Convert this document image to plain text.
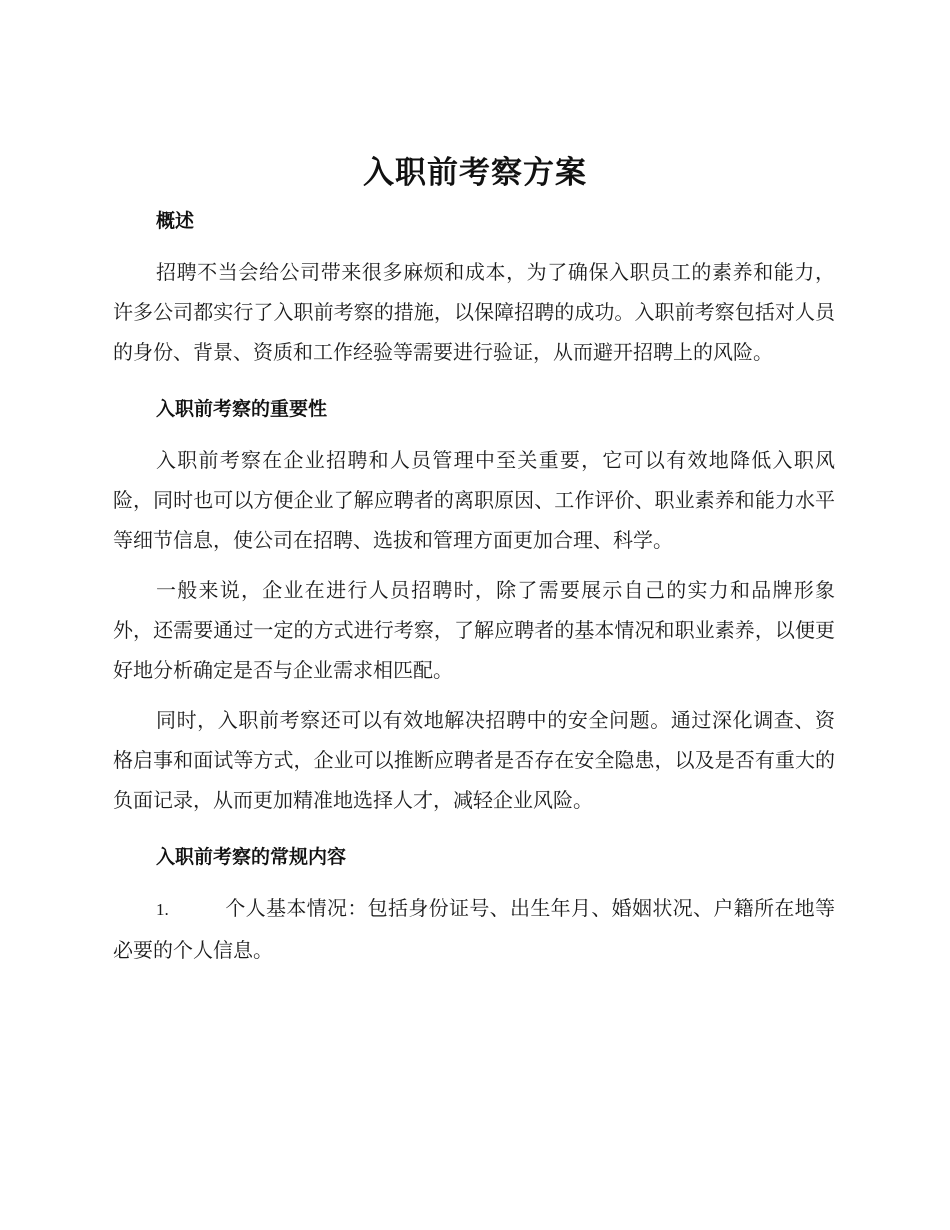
入职前考察方案
概述

招聘不当会给公司带来很多麻烦和成本，为了确保入职员工的素养和能力，许多公司都实行了入职前考察的措施，以保障招聘的成功。入职前考察包括对人员的身份、背景、资质和工作经验等需要进行验证，从而避开招聘上的风险。

入职前考察的重要性

入职前考察在企业招聘和人员管理中至关重要，它可以有效地降低入职风险，同时也可以方便企业了解应聘者的离职原因、工作评价、职业素养和能力水平等细节信息，使公司在招聘、选拔和管理方面更加合理、科学。

一般来说，企业在进行人员招聘时，除了需要展示自己的实力和品牌形象外，还需要通过一定的方式进行考察，了解应聘者的基本情况和职业素养，以便更好地分析确定是否与企业需求相匹配。

同时，入职前考察还可以有效地解决招聘中的安全问题。通过深化调查、资格启事和面试等方式，企业可以推断应聘者是否存在安全隐患，以及是否有重大的负面记录，从而更加精准地选择人才，减轻企业风险。

入职前考察的常规内容

1.	个人基本情况：包括身份证号、出生年月、婚姻状况、户籍所在地等必要的个人信息。
